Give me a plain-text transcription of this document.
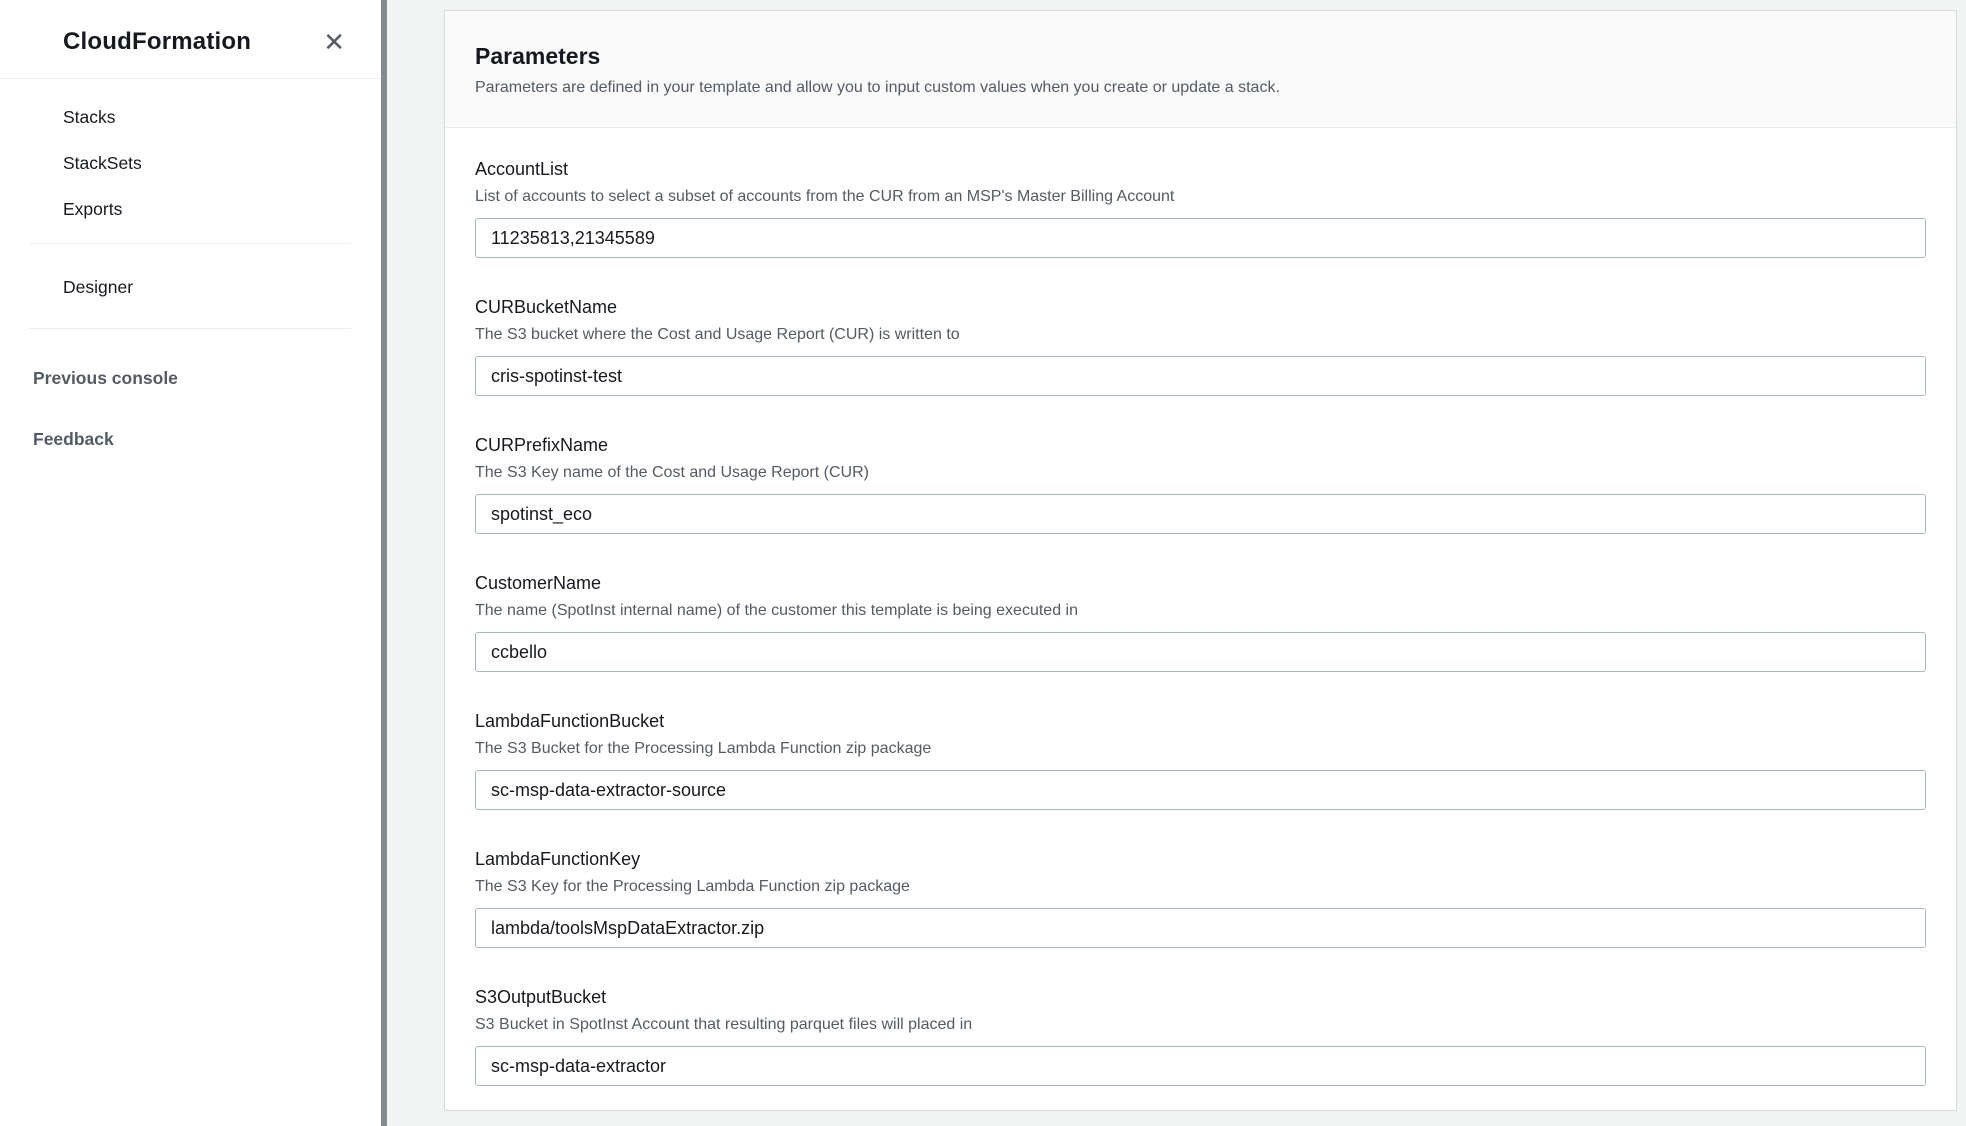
CloudFormation	✕
Stacks
StackSets
Exports
Designer
Previous console
Feedback
Parameters

Parameters are defined in your template and allow you to input custom values when you create or update a stack.

AccountList
List of accounts to select a subset of accounts from the CUR from an MSP's Master Billing Account
11235813,21345589
CURBucketName
The S3 bucket where the Cost and Usage Report (CUR) is written to
cris-spotinst-test
CURPrefixName
The S3 Key name of the Cost and Usage Report (CUR)
spotinst_eco
CustomerName
The name (SpotInst internal name) of the customer this template is being executed in
ccbello
LambdaFunctionBucket
The S3 Bucket for the Processing Lambda Function zip package
sc-msp-data-extractor-source
LambdaFunctionKey
The S3 Key for the Processing Lambda Function zip package
lambda/toolsMspDataExtractor.zip
S3OutputBucket
S3 Bucket in SpotInst Account that resulting parquet files will placed in
sc-msp-data-extractor
